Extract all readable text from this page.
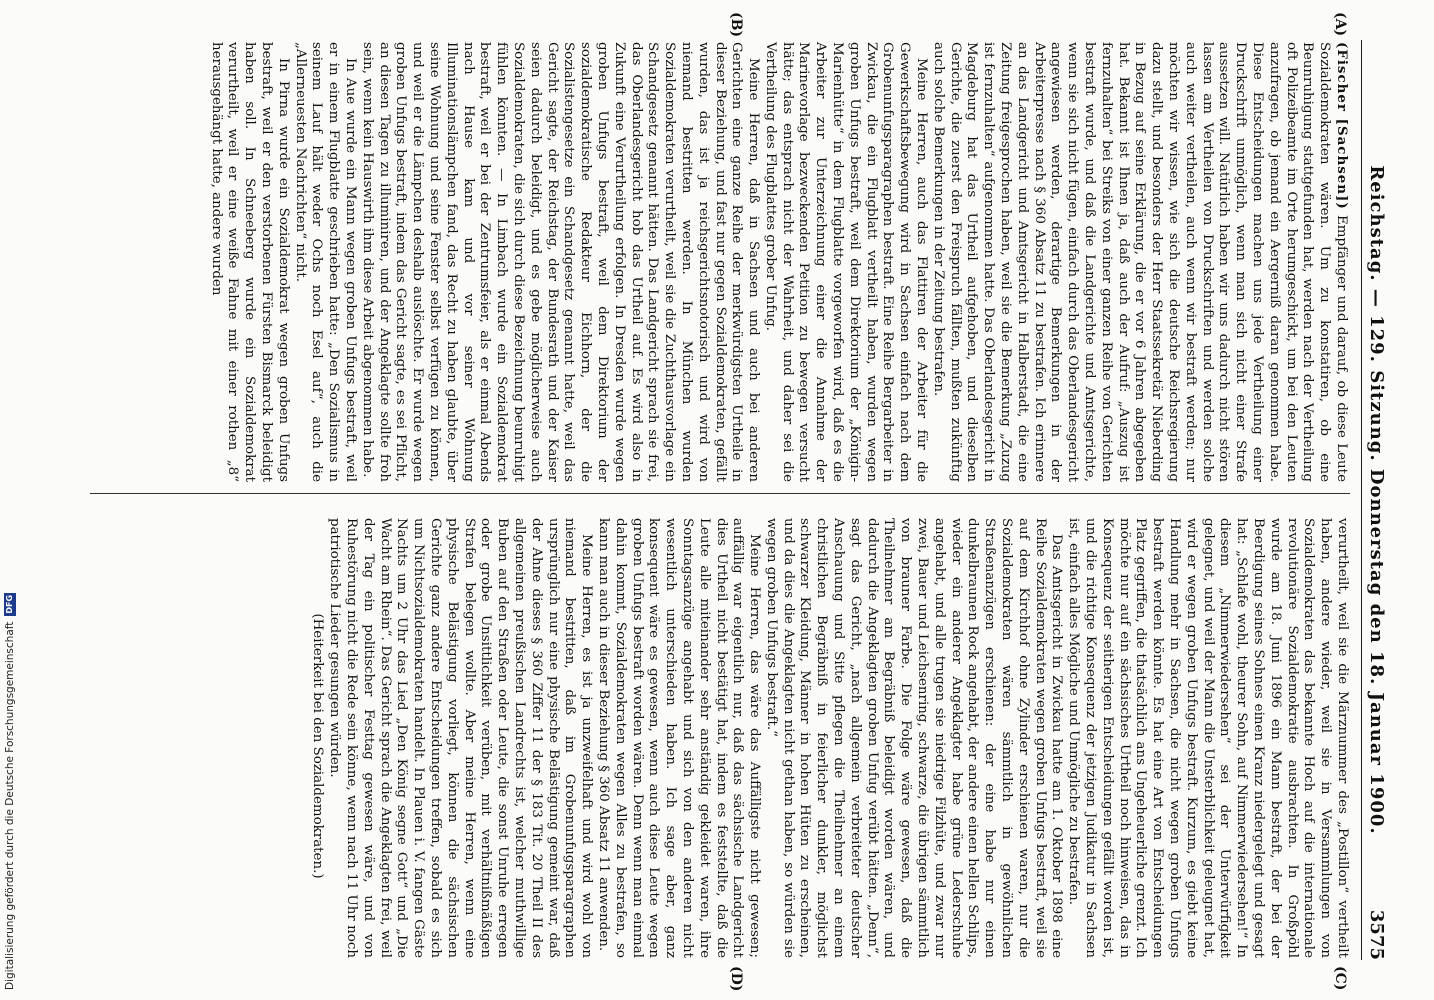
Reichstag. — 129. Sitzung. Donnerstag den 18. Januar 1900.
3575
(A)
(B)
(C)
(D)

(Fischer [Sachsen]) Empfänger und darauf, ob diese Leute Sozialdemokraten wären. Um zu konstatiren, ob eine Beunruhigung stattgefunden hat, werden nach der Vertheilung oft Polizeibeamte im Orte herumgeschickt, um bei den Leuten anzufragen, ob jemand ein Aergerniß daran genommen habe. Diese Entscheidungen machen uns jede Vertheilung einer Druckschrift unmöglich, wenn man sich nicht einer Strafe aussetzen will. Natürlich haben wir uns dadurch nicht stören lassen am Vertheilen von Druckschriften und werden solche auch weiter vertheilen, auch wenn wir bestraft werden; nur möchten wir wissen, wie sich die deutsche Reichsregierung dazu stellt, und besonders der Herr Staatssekretär Nieberding in Bezug auf seine Erklärung, die er vor 6 Jahren abgegeben hat. Bekannt ist Ihnen ja, daß auch der Aufruf: „Auszug ist fernzuhalten“ bei Streiks von einer ganzen Reihe von Gerichten bestraft wurde, und daß die Landgerichte und Amtsgerichte, wenn sie sich nicht fügen, einfach durch das Oberlandesgericht angewiesen werden, derartige Bemerkungen in der Arbeiterpresse nach § 360 Absatz 11 zu bestrafen. Ich erinnere an das Landgericht und Amtsgericht in Halberstadt, die eine Zeitung freigesprochen haben, weil sie die Bemerkung „Zuzug ist fernzuhalten“ aufgenommen hatte. Das Oberlandesgericht in Magdeburg hat das Urtheil aufgehoben, und dieselben Gerichte, die zuerst den Freispruch fällten, mußten zukünftig auch solche Bemerkungen in der Zeitung bestrafen.

Meine Herren, auch das Flattiren der Arbeiter für die Gewerkschaftsbewegung wird in Sachsen einfach nach dem Grobenunfugsparagraphen bestraft. Eine Reihe Bergarbeiter in Zwickau, die ein Flugblatt vertheilt haben, wurden wegen groben Unfugs bestraft, weil dem Direktorium der „Königin-Marienhütte“ in dem Flugblatte vorgeworfen wird, daß es die Arbeiter zur Unterzeichnung einer die Annahme der Marinevorlage bezweckenden Petition zu bewegen versucht hätte; das entsprach nicht der Wahrheit, und daher sei die Vertheilung des Flugblattes grober Unfug.

Meine Herren, daß in Sachsen und auch bei anderen Gerichten eine ganze Reihe der merkwürdigsten Urtheile in dieser Beziehung, und fast nur gegen Sozialdemokraten, gefällt wurden, das ist ja reichsgerichtsnotorisch und wird von niemand bestritten werden. In München wurden Sozialdemokraten verurtheilt, weil sie die Zuchthausvorlage ein Schandgesetz genannt hätten. Das Landgericht sprach sie frei, das Oberlandesgericht hob das Urtheil auf. Es wird also in Zukunft eine Verurtheilung erfolgen. In Dresden wurde wegen groben Unfugs bestraft, weil dem Direktorium der sozialdemokratische Redakteur Eichhorn, der die Sozialistengesetze ein Schandgesetz genannt hatte, weil das Gericht sagte, der Reichstag, der Bundesrath und der Kaiser seien dadurch beleidigt, und es gebe möglicherweise auch Sozialdemokraten, die sich durch diese Bezeichnung beunruhigt fühlen könnten. — In Limbach wurde ein Sozialdemokrat bestraft, weil er bei der Zentrumsfeier, als er einmal Abends nach Hause kam und vor seiner Wohnung Illuminationslämpchen fand, das Recht zu haben glaubte, über seine Wohnung und seine Fenster selbst verfügen zu können, und weil er die Lämpchen deshalb auslöschte. Er wurde wegen groben Unfugs bestraft, indem das Gericht sagte, es sei Pflicht, an diesen Tagen zu illuminiren, und der Angeklagte sollte froh sein, wenn kein Hauswirth ihm diese Arbeit abgenommen habe.

In Aue wurde ein Mann wegen groben Unfugs bestraft, weil er in einem Flugblatte geschrieben hatte: „Den Sozialismus in seinem Lauf hält weder Ochs noch Esel auf“, auch die „Allerneuesten Nachrichten“ nicht.

In Pirna wurde ein Sozialdemokrat wegen groben Unfugs bestraft, weil er den verstorbenen Fürsten Bismarck beleidigt haben soll. In Schneeberg wurde ein Sozialdemokrat verurtheilt, weil er eine weiße Fahne mit einer rothen „8“ herausgehängt hatte, andere wurden

verurtheilt, weil sie die Märznummer des „Postillon“ vertheilt haben, andere wieder, weil sie in Versammlungen von Sozialdemokraten das bekannte Hoch auf die internationale revolutionäre Sozialdemokratie ausbrachten. In Großpöhl wurde am 18. Juni 1896 ein Mann bestraft, der bei der Beerdigung seines Sohnes einen Kranz niedergelegt und gesagt hat: „Schlafe wohl, theurer Sohn, auf Nimmerwiedersehen!“ In diesem „Nimmerwiedersehen“ sei der Unterwürfigkeit gelegnet, und weil der Mann die Unsterblichkeit geleugnet hat, wird er wegen groben Unfugs bestraft. Kurzum, es giebt keine Handlung mehr in Sachsen, die nicht wegen groben Unfugs bestraft werden könnte. Es hat eine Art von Entscheidungen Platz gegriffen, die thatsächlich ans Ungeheuerliche grenzt. Ich möchte nur auf ein sächsisches Urtheil noch hinweisen, das in Konsequenz der seitherigen Entscheidungen gefällt worden ist, und die richtige Konsequenz der jetzigen Judikatur in Sachsen ist, einfach alles Mögliche und Unmögliche zu bestrafen.

Das Amtsgericht in Zwickau hatte am 1. Oktober 1898 eine Reihe Sozialdemokraten wegen groben Unfugs bestraft, weil sie auf dem Kirchhof ohne Zylinder erschienen waren, nur die Sozialdemokraten wären sämmtlich in gewöhnlichen Straßenanzügen erschienen: der eine habe nur einen dunkelbraunen Rock angehabt, der andere einen hellen Schlips, wieder ein anderer Angeklagter habe grüne Lederschuhe angehabt, und alle trugen sie niedrige Filzhüte, und zwar nur zwei, Bauer und Leichsenring, schwarze, die übrigen sämmtlich von brauner Farbe. Die Folge wäre gewesen, daß die Theilnehmer am Begräbniß beleidigt worden wären, und dadurch die Angeklagten groben Unfug verübt hätten. „Denn“, sagt das Gericht, „nach allgemein verbreiteter deutscher Anschauung und Sitte pflegen die Theilnehmer an einem christlichen Begräbniß in feierlicher dunkler, möglichst schwarzer Kleidung, Männer in hohen Hüten zu erscheinen, und da dies die Angeklagten nicht gethan haben, so würden sie wegen groben Unfugs bestraft.“

Meine Herren, das wäre das Auffälligste nicht gewesen; auffällig war eigentlich nur, daß das sächsische Landgericht dies Urtheil nicht bestätigt hat, indem es feststellte, daß die Leute alle miteinander sehr anständig gekleidet waren, ihre Sonntagsanzüge angehabt und sich von den anderen nicht wesentlich unterschieden haben. Ich sage aber, ganz konsequent wäre es gewesen, wenn auch diese Leute wegen groben Unfugs bestraft worden wären. Denn wenn man einmal dahin kommt, Sozialdemokraten wegen Alles zu bestrafen, so kann man auch in dieser Beziehung § 360 Absatz 11 anwenden.

Meine Herren, es ist ja unzweifelhaft und wird wohl von niemand bestritten, daß im Grobenunfugsparagraphen ursprünglich nur eine physische Belästigung gemeint war, daß der Ahne dieses § 360 Ziffer 11 der § 183 Tit. 20 Theil II des allgemeinen preußischen Landrechts ist, welcher muthwillige Buben auf den Straßen oder Leute, die sonst Unruhe erregen oder grobe Unsittlichkeit verüben, mit verhältnißmäßigen Strafen belegen wollte. Aber meine Herren, wenn eine physische Belästigung vorliegt, können die sächsischen Gerichte ganz andere Entscheidungen treffen, sobald es sich um Nichtsozialdemokraten handelt. In Plauen i. V. fangen Gäste Nachts um 2 Uhr das Lied „Den König segne Gott“ und „Die Wacht am Rhein“. Das Gericht sprach die Angeklagten frei, weil der Tag ein politischer Festtag gewesen wäre, und von Ruhestörung nicht die Rede sein könne, wenn nach 11 Uhr noch patriotische Lieder gesungen würden.

(Heiterkeit bei den Sozialdemokraten.)

Digitalisierung gefördert durch die Deutsche Forschungsgemeinschaft
DFG
